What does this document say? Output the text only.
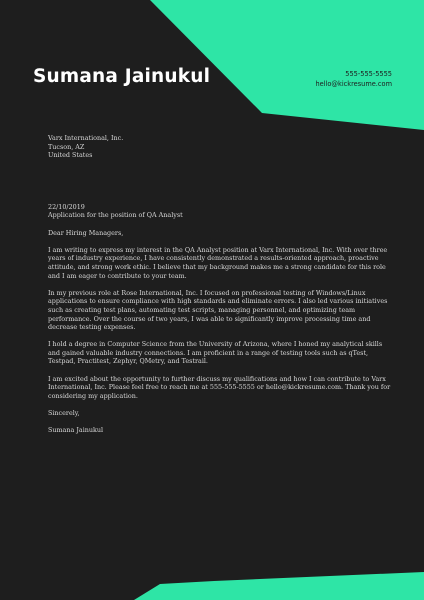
Sumana Jainukul	555-555-5555
hello@kickresume.com

Varx International, Inc.

Tucson, AZ

United States

22/10/2019

Application for the position of QA Analyst

Dear Hiring Managers,

I am writing to express my interest in the QA Analyst position at Varx International, Inc. With over three years of industry experience, I have consistently demonstrated a results-oriented approach, proactive attitude, and strong work ethic. I believe that my background makes me a strong candidate for this role and I am eager to contribute to your team.

In my previous role at Rose International, Inc. I focused on professional testing of Windows/Linux applications to ensure compliance with high standards and eliminate errors. I also led various initiatives such as creating test plans, automating test scripts, managing personnel, and optimizing team performance. Over the course of two years, I was able to significantly improve processing time and decrease testing expenses.

I hold a degree in Computer Science from the University of Arizona, where I honed my analytical skills and gained valuable industry connections. I am proficient in a range of testing tools such as qTest, Testpad, Practitest, Zephyr, QMetry, and Testrail.

I am excited about the opportunity to further discuss my qualifications and how I can contribute to Varx International, Inc. Please feel free to reach me at 555-555-5555 or hello@kickresume.com. Thank you for considering my application.

Sincerely,

Sumana Jainukul
